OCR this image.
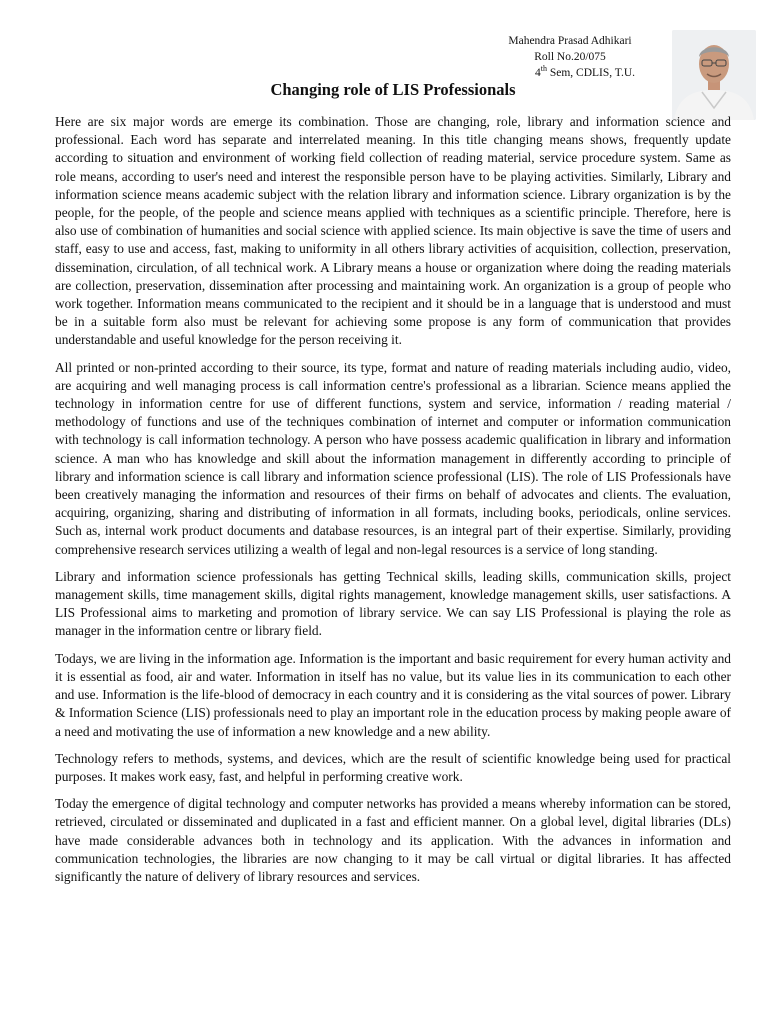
Mahendra Prasad Adhikari
Roll No.20/075
4th Sem, CDLIS, T.U.
Changing role of LIS Professionals

Here are six major words are emerge its combination. Those are changing, role, library and information science and professional. Each word has separate and interrelated meaning. In this title changing means shows, frequently update according to situation and environment of working field collection of reading material, service procedure system. Same as role means, according to user's need and interest the responsible person have to be playing activities. Similarly, Library and information science means academic subject with the relation library and information science. Library organization is by the people, for the people, of the people and science means applied with techniques as a scientific principle. Therefore, here is also use of combination of humanities and social science with applied science. Its main objective is save the time of users and staff, easy to use and access, fast, making to uniformity in all others library activities of acquisition, collection, preservation, dissemination, circulation, of all technical work. A Library means a house or organization where doing the reading materials are collection, preservation, dissemination after processing and maintaining work. An organization is a group of people who work together. Information means communicated to the recipient and it should be in a language that is understood and must be in a suitable form also must be relevant for achieving some propose is any form of communication that provides understandable and useful knowledge for the person receiving it.

All printed or non-printed according to their source, its type, format and nature of reading materials including audio, video, are acquiring and well managing process is call information centre's professional as a librarian. Science means applied the technology in information centre for use of different functions, system and service, information / reading material / methodology of functions and use of the techniques combination of internet and computer or information communication with technology is call information technology. A person who have possess academic qualification in library and information science. A man who has knowledge and skill about the information management in differently according to principle of library and information science is call library and information science professional (LIS). The role of LIS Professionals have been creatively managing the information and resources of their firms on behalf of advocates and clients. The evaluation, acquiring, organizing, sharing and distributing of information in all formats, including books, periodicals, online services. Such as, internal work product documents and database resources, is an integral part of their expertise. Similarly, providing comprehensive research services utilizing a wealth of legal and non-legal resources is a service of long standing.

Library and information science professionals has getting Technical skills, leading skills, communication skills, project management skills, time management skills, digital rights management, knowledge management skills, user satisfactions. A LIS Professional aims to marketing and promotion of library service. We can say LIS Professional is playing the role as manager in the information centre or library field.

Todays, we are living in the information age. Information is the important and basic requirement for every human activity and it is essential as food, air and water. Information in itself has no value, but its value lies in its communication to each other and use. Information is the life-blood of democracy in each country and it is considering as the vital sources of power. Library & Information Science (LIS) professionals need to play an important role in the education process by making people aware of a need and motivating the use of information a new knowledge and a new ability.

Technology refers to methods, systems, and devices, which are the result of scientific knowledge being used for practical purposes. It makes work easy, fast, and helpful in performing creative work.

Today the emergence of digital technology and computer networks has provided a means whereby information can be stored, retrieved, circulated or disseminated and duplicated in a fast and efficient manner. On a global level, digital libraries (DLs) have made considerable advances both in technology and its application. With the advances in information and communication technologies, the libraries are now changing to it may be call virtual or digital libraries. It has affected significantly the nature of delivery of library resources and services.
